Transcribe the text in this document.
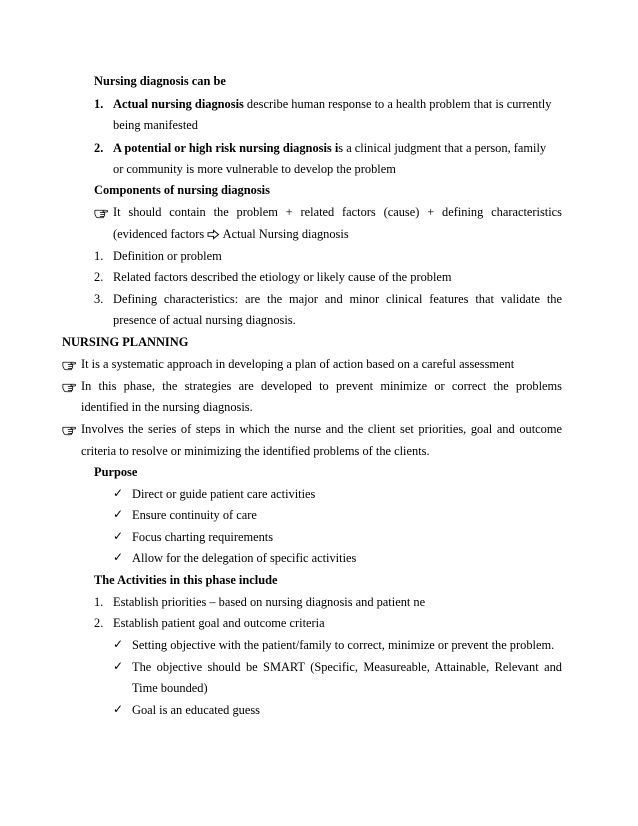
Nursing diagnosis can be
1. Actual nursing diagnosis describe human response to a health problem that is currently
being manifested
2. A potential or high risk nursing diagnosis is a clinical judgment that a person, family
or community is more vulnerable to develop the problem
Components of nursing diagnosis
It should contain the problem + related factors (cause) + defining characteristics
(evidenced factors  Actual Nursing diagnosis
1. Definition or problem
2. Related factors described the etiology or likely cause of the problem
3. Defining characteristics: are the major and minor clinical features that validate the
presence of actual nursing diagnosis.
NURSING PLANNING
It is a systematic approach in developing a plan of action based on a careful assessment
In this phase, the strategies are developed to prevent minimize or correct the problems
identified in the nursing diagnosis.
Involves the series of steps in which the nurse and the client set priorities, goal and outcome
criteria to resolve or minimizing the identified problems of the clients.
Purpose
✓ Direct or guide patient care activities
✓ Ensure continuity of care
✓ Focus charting requirements
✓ Allow for the delegation of specific activities
The Activities in this phase include
1. Establish priorities – based on nursing diagnosis and patient ne
2. Establish patient goal and outcome criteria
✓ Setting objective with the patient/family to correct, minimize or prevent the problem.
✓ The objective should be SMART (Specific, Measureable, Attainable, Relevant and
Time bounded)
✓ Goal is an educated guess
